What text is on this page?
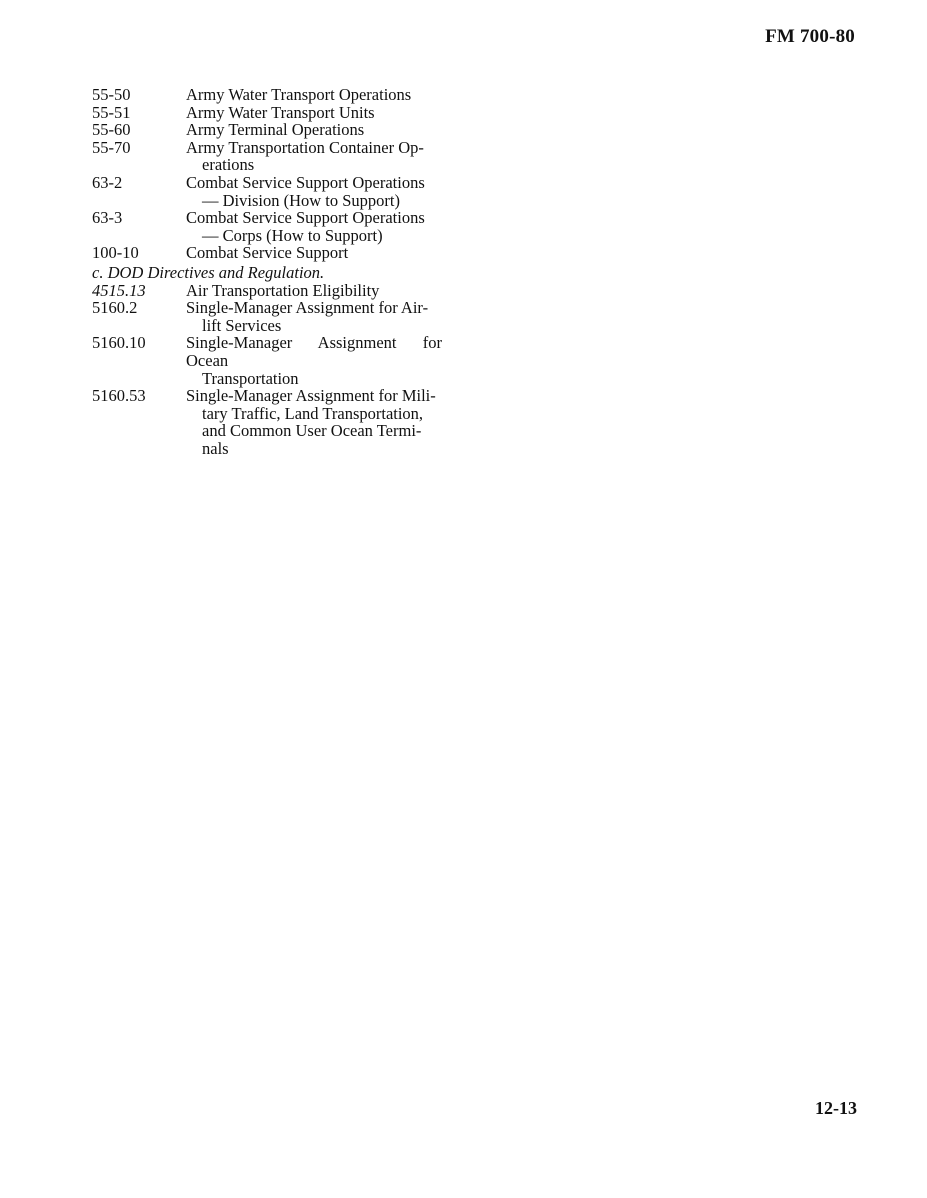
FM 700-80
55-50	Army Water Transport Operations
55-51	Army Water Transport Units
55-60	Army Terminal Operations
55-70	Army Transportation Container Op-
erations
63-2	Combat Service Support Operations
— Division (How to Support)
63-3	Combat Service Support Operations
— Corps (How to Support)
100-10	Combat Service Support
c. DOD Directives and Regulation.
4515.13	Air Transportation Eligibility
5160.2	Single-Manager Assignment for Air-
lift Services
5160.10	Single-Manager Assignment for Ocean
Transportation
5160.53	Single-Manager Assignment for Mili-
tary Traffic, Land Transportation, and Common User Ocean Termi-nals
12-13
